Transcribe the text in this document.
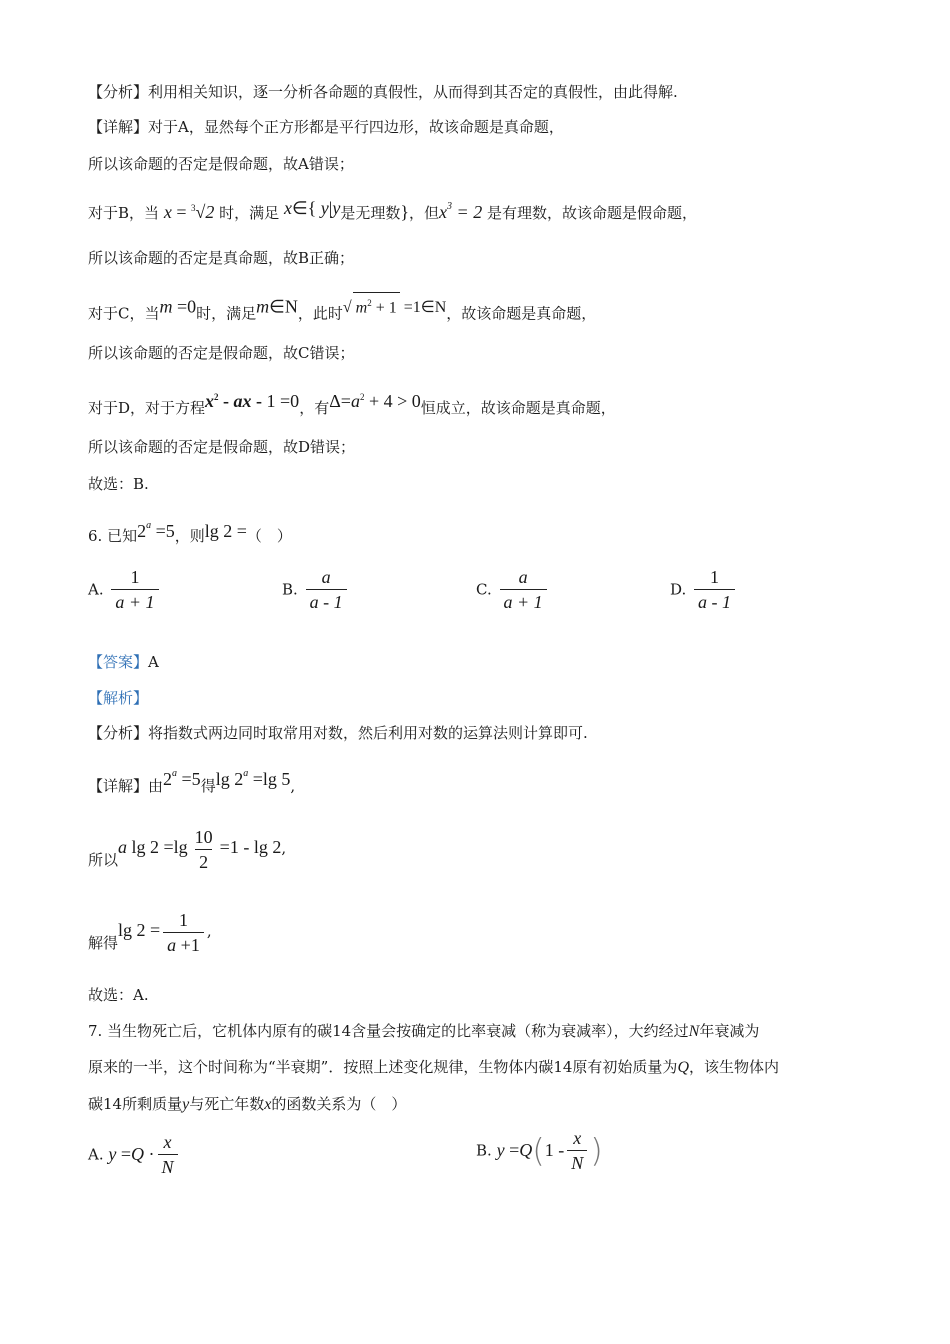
【分析】利用相关知识，逐一分析各命题的真假性，从而得到其否定的真假性，由此得解.
【详解】对于A，显然每个正方形都是平行四边形，故该命题是真命题，
所以该命题的否定是假命题，故A错误；
对于B，当 x = $^3$√2 时，满足 x∈{ y|y是无理数}，但$x^3 = 2$ 是有理数，故该命题是假命题，
所以该命题的否定是真命题，故B正确；
对于C，当m =0时，满足m∈N，此时√ $m^2 + 1$ =1∈N，故该命题是真命题，
所以该命题的否定是假命题，故C错误；
对于D，对于方程$x^2$ - ax - 1 =0，有$\Delta=a^2 + 4 > 0$恒成立，故该命题是真命题，
所以该命题的否定是假命题，故D错误；
故选：B.
6. 已知$2^a =5$，则lg 2 =（　）
A. $\frac{1}{a + 1}$	B. $\frac{a}{a - 1}$	C. $\frac{a}{a + 1}$	D. $\frac{1}{a - 1}$
【答案】A
【解析】
【分析】将指数式两边同时取常用对数，然后利用对数的运算法则计算即可.
【详解】由$2^a =5$得$\lg 2^a =\lg$ 5,
所以a $\lg 2 =\lg \frac{10}{2} =1 - \lg 2$,
解得$\lg 2 = \frac{1}{a +1}$ ,
故选：A.
7. 当生物死亡后，它机体内原有的碳14含量会按确定的比率衰减（称为衰减率），大约经过N年衰减为
原来的一半，这个时间称为“半衰期”．按照上述变化规律，生物体内碳14原有初始质量为Q，该生物体内
碳14所剩质量y与死亡年数x的函数关系为（　）
A. $y =Q \cdot \frac{x}{N}$	B. $y =Q(1 - \frac{x}{N}$ )
